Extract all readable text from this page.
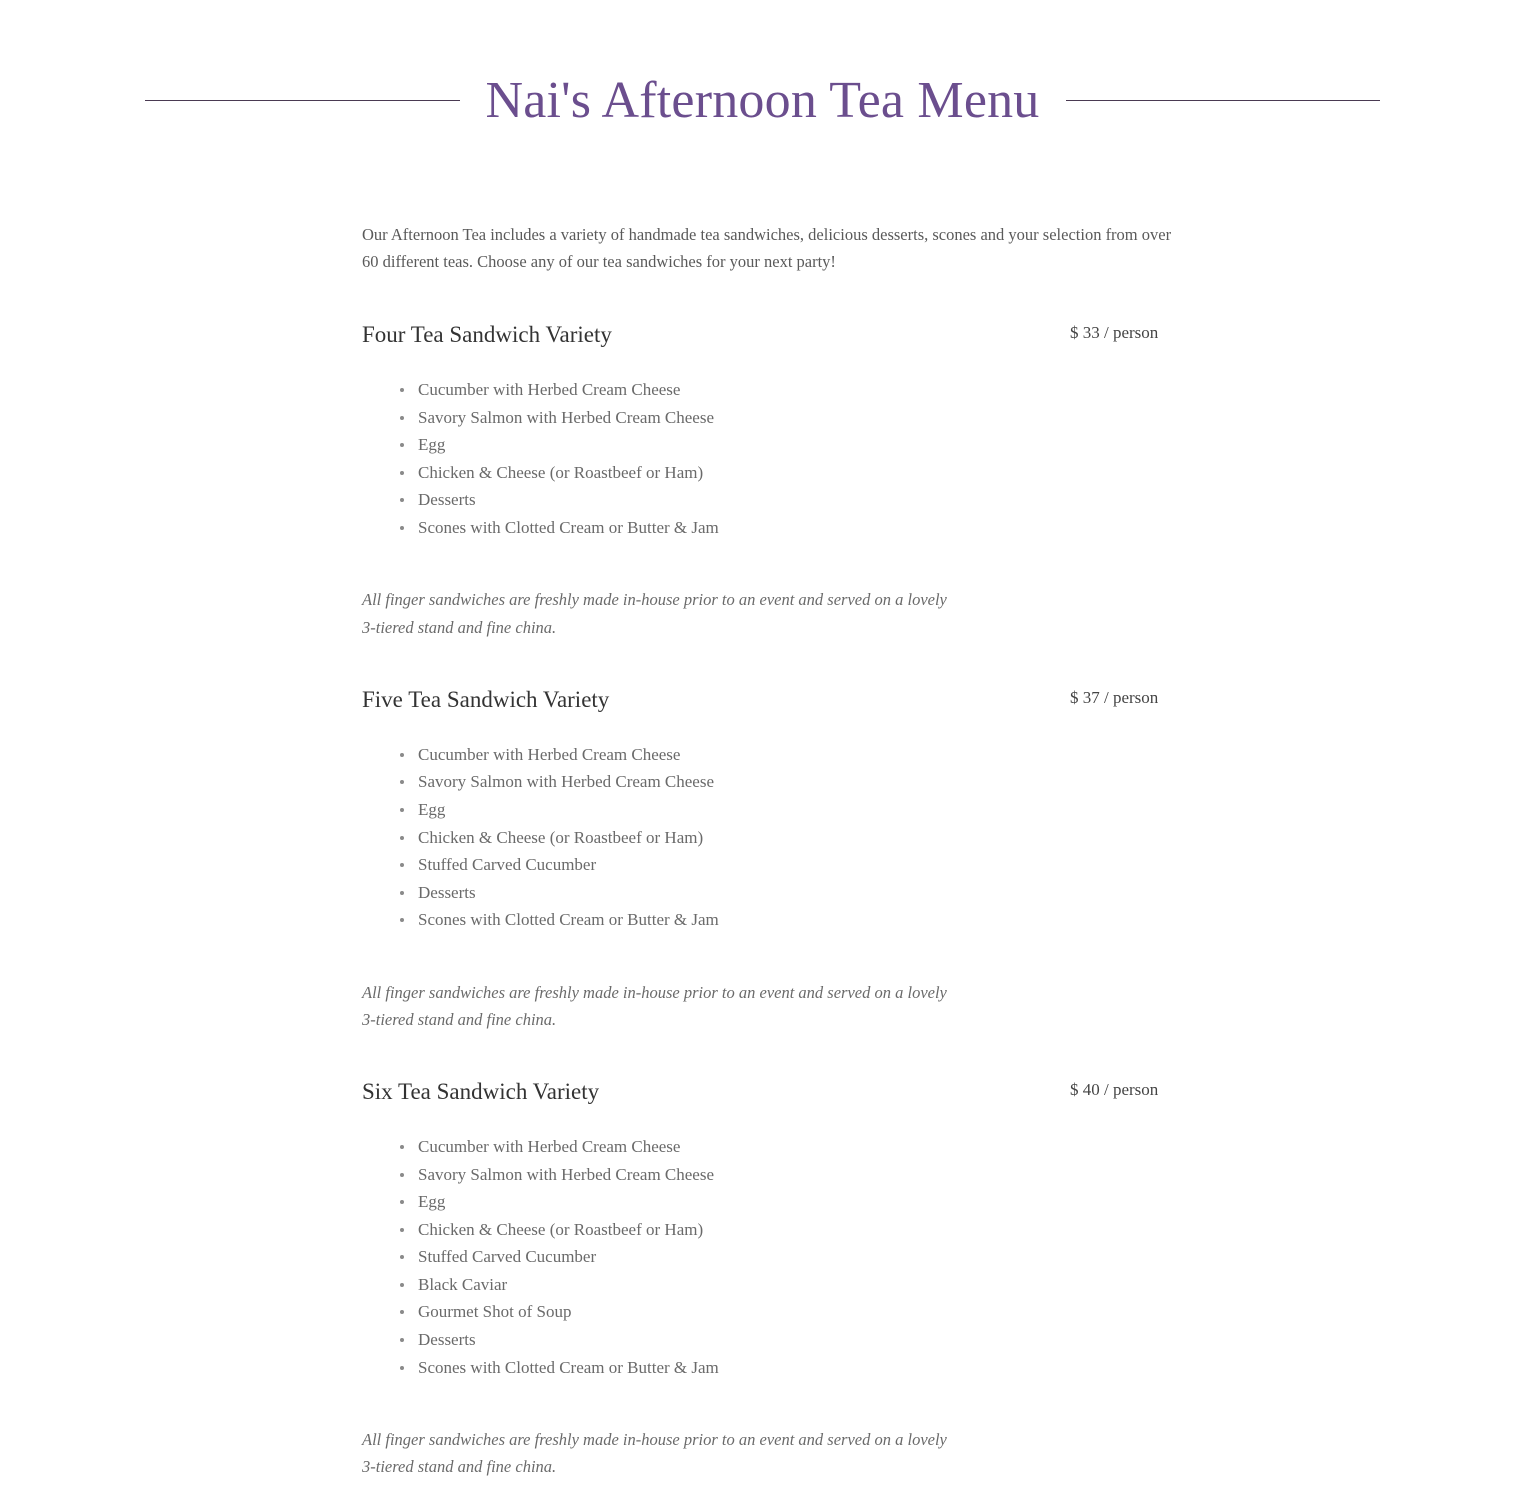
Nai's Afternoon Tea Menu

Our Afternoon Tea includes a variety of handmade tea sandwiches, delicious desserts, scones and your selection from over 60 different teas. Choose any of our tea sandwiches for your next party!

Four Tea Sandwich Variety	$ 33 / person
Cucumber with Herbed Cream Cheese
Savory Salmon with Herbed Cream Cheese
Egg
Chicken & Cheese (or Roastbeef or Ham)
Desserts
Scones with Clotted Cream or Butter & Jam

All finger sandwiches are freshly made in-house prior to an event and served on a lovely 3-tiered stand and fine china.

Five Tea Sandwich Variety	$ 37 / person
Cucumber with Herbed Cream Cheese
Savory Salmon with Herbed Cream Cheese
Egg
Chicken & Cheese (or Roastbeef or Ham)
Stuffed Carved Cucumber
Desserts
Scones with Clotted Cream or Butter & Jam

All finger sandwiches are freshly made in-house prior to an event and served on a lovely 3-tiered stand and fine china.

Six Tea Sandwich Variety	$ 40 / person
Cucumber with Herbed Cream Cheese
Savory Salmon with Herbed Cream Cheese
Egg
Chicken & Cheese (or Roastbeef or Ham)
Stuffed Carved Cucumber
Black Caviar
Gourmet Shot of Soup
Desserts
Scones with Clotted Cream or Butter & Jam

All finger sandwiches are freshly made in-house prior to an event and served on a lovely 3-tiered stand and fine china.
